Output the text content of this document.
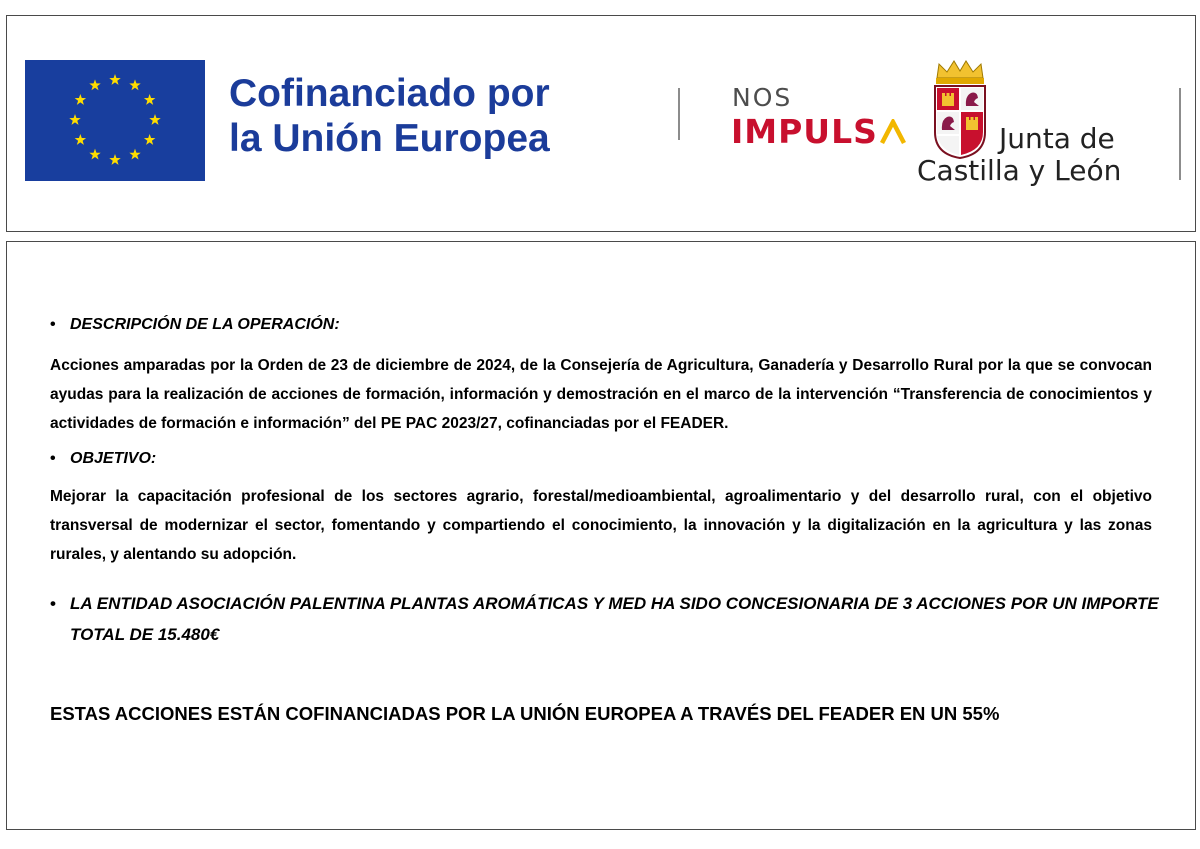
Cofinanciado por
la Unión Europea
NOS
IMPULS	Junta de
Castilla y León
• DESCRIPCIÓN DE LA OPERACIÓN:
Acciones amparadas por la Orden de 23 de diciembre de 2024, de la Consejería de Agricultura, Ganadería y Desarrollo Rural por la que se convocan ayudas para la realización de acciones de formación, información y demostración en el marco de la intervención “Transferencia de conocimientos y actividades de formación e información” del PE PAC 2023/27, cofinanciadas por el FEADER.
• OBJETIVO:
Mejorar la capacitación profesional de los sectores agrario, forestal/medioambiental, agroalimentario y del desarrollo rural, con el objetivo transversal de modernizar el sector, fomentando y compartiendo el conocimiento, la innovación y la digitalización en la agricultura y las zonas rurales, y alentando su adopción.
• LA ENTIDAD ASOCIACIÓN PALENTINA PLANTAS AROMÁTICAS Y MED HA SIDO CONCESIONARIA DE 3 ACCIONES POR UN IMPORTE TOTAL DE 15.480€
ESTAS ACCIONES ESTÁN COFINANCIADAS POR LA UNIÓN EUROPEA A TRAVÉS DEL FEADER EN UN 55%
